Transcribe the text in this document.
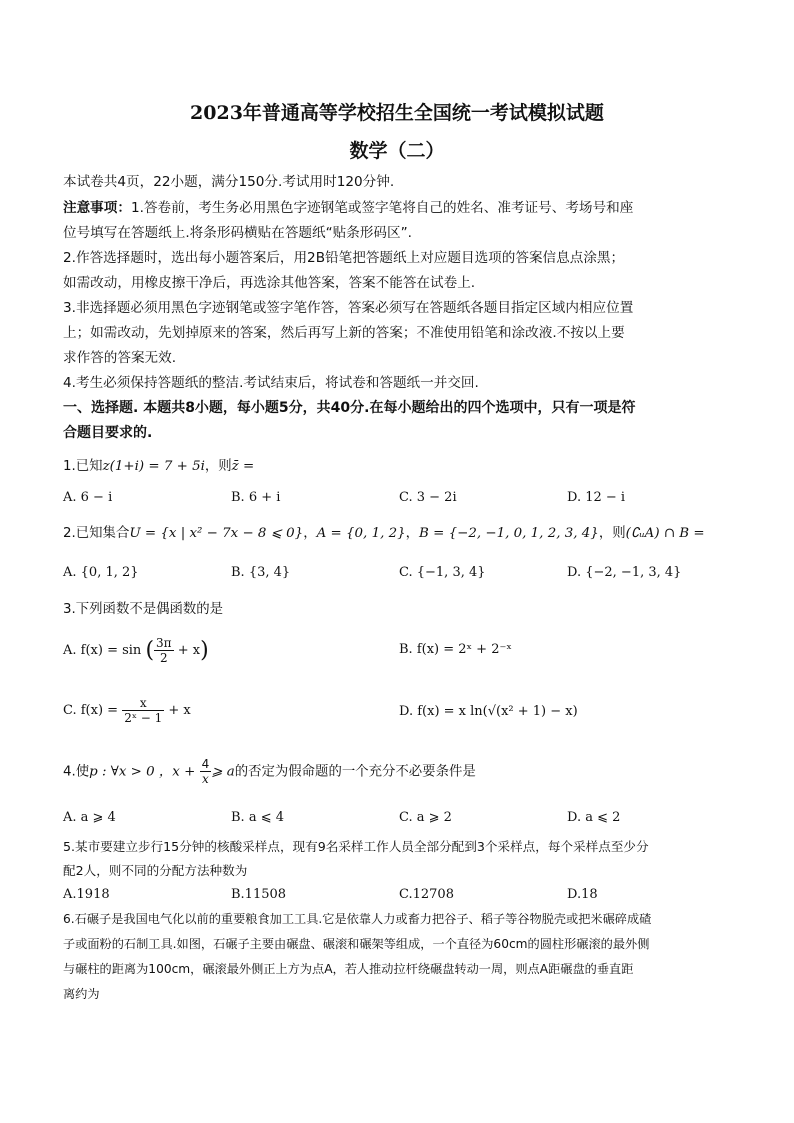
2023年普通高等学校招生全国统一考试模拟试题
数学（二）
本试卷共4页，22小题，满分150分.考试用时120分钟.
注意事项：1.答卷前，考生务必用黑色字迹钢笔或签字笔将自己的姓名、准考证号、考场号和座
位号填写在答题纸上.将条形码横贴在答题纸“贴条形码区”.
2.作答选择题时，选出每小题答案后，用2B铅笔把答题纸上对应题目选项的答案信息点涂黑；
如需改动，用橡皮擦干净后，再选涂其他答案，答案不能答在试卷上.
3.非选择题必须用黑色字迹钢笔或签字笔作答，答案必须写在答题纸各题目指定区域内相应位置
上；如需改动，先划掉原来的答案，然后再写上新的答案；不准使用铅笔和涂改液.不按以上要
求作答的答案无效.
4.考生必须保持答题纸的整洁.考试结束后，将试卷和答题纸一并交回.
一、选择题. 本题共8小题，每小题5分，共40分.在每小题给出的四个选项中，只有一项是符
合题目要求的.
1.已知z(1+i) = 7 + 5i，则z̄ =
A. 6 − i	B. 6 + i	C. 3 − 2i	D. 12 − i
2.已知集合U = {x | x² − 7x − 8 ⩽ 0}，A = {0, 1, 2}，B = {−2, −1, 0, 1, 2, 3, 4}，则(∁ᵤA) ∩ B =
A. {0, 1, 2}	B. {3, 4}	C. {−1, 3, 4}	D. {−2, −1, 3, 4}
3.下列函数不是偶函数的是
A. f(x) = sin ( $\frac{3\pi}{2} + x$)	B. f(x) = 2ˣ + 2⁻ˣ
C. $f(x) = \frac{x}{\text{2ˣ − 1}} + x$	D. f(x) = x ln(√(x² + 1) − x)
4.使p : ∀x > 0 ，$x + \frac{4}{x}$ ⩾ a的否定为假命题的一个充分不必要条件是
A. a ⩾ 4	B. a ⩽ 4	C. a ⩾ 2	D. a ⩽ 2
5.某市要建立步行15分钟的核酸采样点，现有9名采样工作人员全部分配到3个采样点，每个采样点至少分
配2人，则不同的分配方法种数为
A.1918	B.11508	C.12708	D.18
6.石碾子是我国电气化以前的重要粮食加工工具.它是依靠人力或畜力把谷子、稻子等谷物脱壳或把米碾碎成碴
子或面粉的石制工具.如图，石碾子主要由碾盘、碾滚和碾架等组成，一个直径为60cm的圆柱形碾滚的最外侧
与碾柱的距离为100cm，碾滚最外侧正上方为点A，若人推动拉杆绕碾盘转动一周，则点A距碾盘的垂直距
离约为
